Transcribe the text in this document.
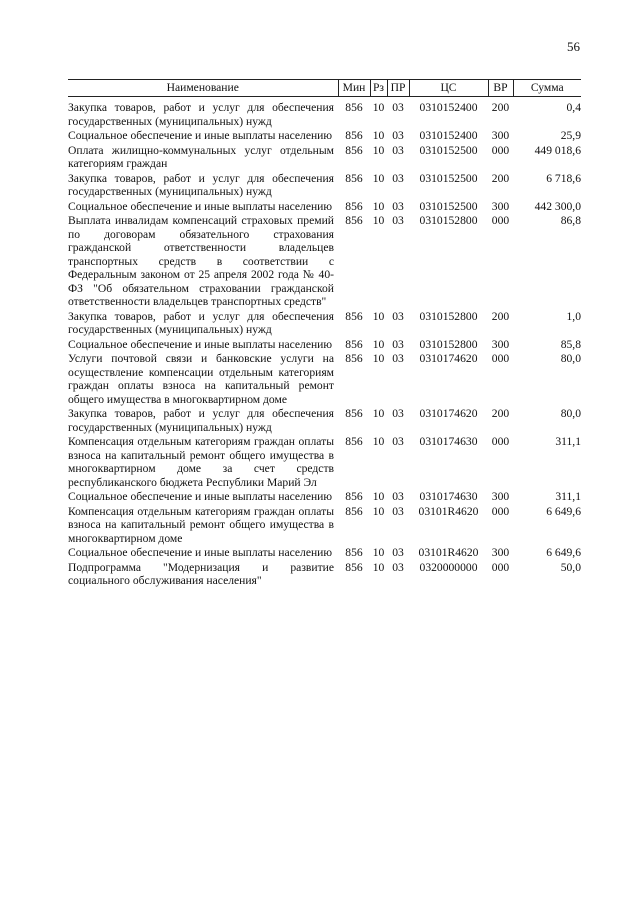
56
Наименование	Мин	Рз	ПР	ЦС	ВР	Сумма

Закупка товаров, работ и услуг для обеспечения государственных (муниципальных) нужд	856	10	03	0310152400	200	0,4
Социальное обеспечение и иные выплаты населению	856	10	03	0310152400	300	25,9
Оплата жилищно-коммунальных услуг отдельным категориям граждан	856	10	03	0310152500	000	449 018,6
Закупка товаров, работ и услуг для обеспечения государственных (муниципальных) нужд	856	10	03	0310152500	200	6 718,6
Социальное обеспечение и иные выплаты населению	856	10	03	0310152500	300	442 300,0
Выплата инвалидам компенсаций страховых премий по договорам обязательного страхования гражданской ответственности владельцев транспортных средств в соответствии с Федеральным законом от 25 апреля 2002 года № 40-ФЗ "Об обязательном страховании гражданской ответственности владельцев транспортных средств"	856	10	03	0310152800	000	86,8
Закупка товаров, работ и услуг для обеспечения государственных (муниципальных) нужд	856	10	03	0310152800	200	1,0
Социальное обеспечение и иные выплаты населению	856	10	03	0310152800	300	85,8
Услуги почтовой связи и банковские услуги на осуществление компенсации отдельным категориям граждан оплаты взноса на капитальный ремонт общего имущества в многоквартирном доме	856	10	03	0310174620	000	80,0
Закупка товаров, работ и услуг для обеспечения государственных (муниципальных) нужд	856	10	03	0310174620	200	80,0
Компенсация отдельным категориям граждан оплаты взноса на капитальный ремонт общего имущества в многоквартирном доме за счет средств республиканского бюджета Республики Марий Эл	856	10	03	0310174630	000	311,1
Социальное обеспечение и иные выплаты населению	856	10	03	0310174630	300	311,1
Компенсация отдельным категориям граждан оплаты взноса на капитальный ремонт общего имущества в многоквартирном доме	856	10	03	03101R4620	000	6 649,6
Социальное обеспечение и иные выплаты населению	856	10	03	03101R4620	300	6 649,6
Подпрограмма "Модернизация и развитие социального обслуживания населения"	856	10	03	0320000000	000	50,0
